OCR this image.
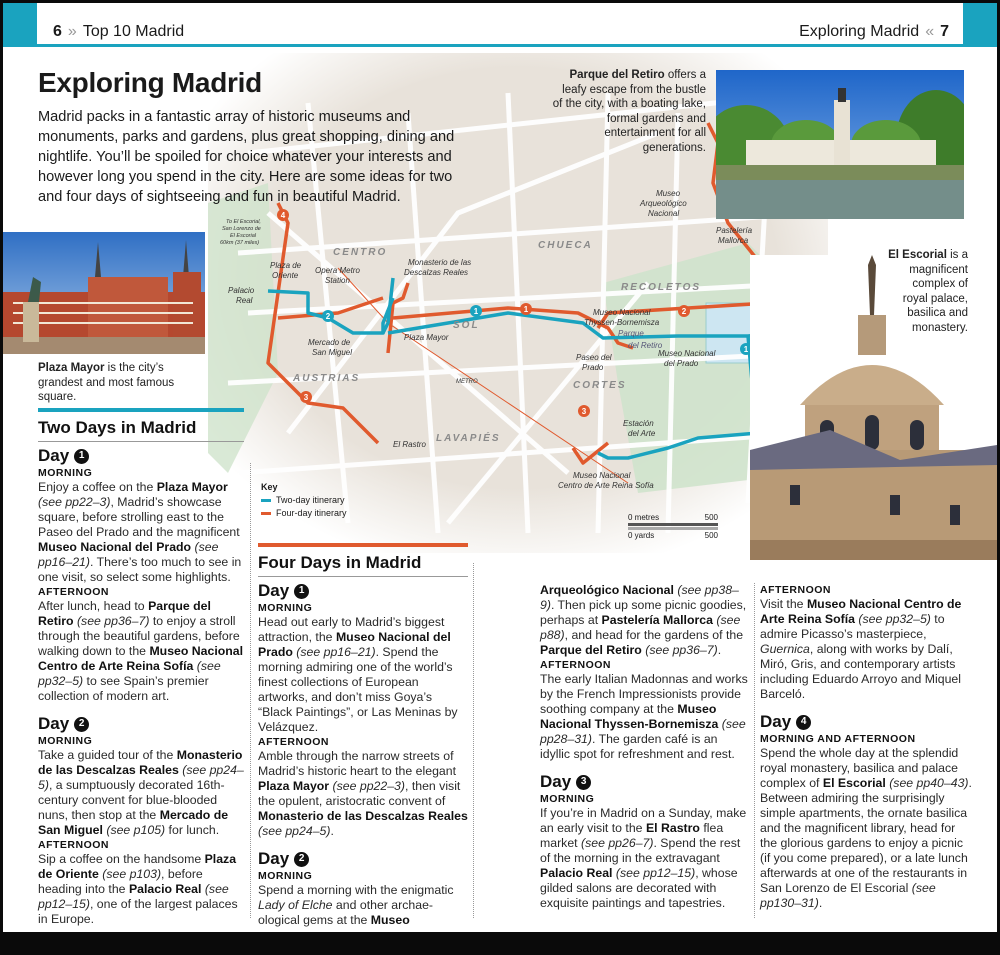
6 » Top 10 Madrid	Exploring Madrid « 7
4
2
1	1	2
1
3
3
CENTRO
AUSTRIAS
LAVAPIÉS
SOL
CHUECA
RECOLETOS
CORTES
Parque
del Retiro
METRO
Palacio
Real
Plaza de
Oriente
Opera Metro
Station
Monasterio de las
Descalzas Reales
Mercado de
San Miguel
Plaza Mayor
El Rastro
Museo
Arqueológico
Nacional
Pastelería
Mallorca
Museo Nacional
Thyssen-Bornemisza
Paseo del
Prado
Museo Nacional
del Prado
Estación
del Arte
Museo Nacional
Centro de Arte Reina Sofía
To El Escorial,
San Lorenzo de
El Escorial
60km (37 miles)
Exploring Madrid
Madrid packs in a fantastic array of historic museums and monuments, parks and gardens, plus great shopping, dining and nightlife. You’ll be spoiled for choice whatever your interests and however long you spend in the city. Here are some ideas for two and four days of sightseeing and fun in beautiful Madrid.
Plaza Mayor is the city’s grandest and most famous square.
Parque del Retiro offers a leafy escape from the bustle of the city, with a boating lake, formal gardens and entertainment for all generations.
El Escorial is a magnificent complex of royal palace, basilica and monastery.
Key
Two-day itinerary
Four-day itinerary	0 metres	500
0 yards	500
Two Days in Madrid
Day 1
MORNING

Enjoy a coffee on the Plaza Mayor (see pp22–3), Madrid’s showcase square, before strolling east to the Paseo del Prado and the magnificent Museo Nacional del Prado (see pp16–21). There’s too much to see in one visit, so select some highlights.

AFTERNOON

After lunch, head to Parque del Retiro (see pp36–7) to enjoy a stroll through the beautiful gardens, before walking down to the Museo Nacional Centro de Arte Reina Sofía (see pp32–5) to see Spain’s premier collection of modern art.

Day 2
MORNING

Take a guided tour of the Monasterio de las Descalzas Reales (see pp24–5), a sumptuously decorated 16th-century convent for blue-blooded nuns, then stop at the Mercado de San Miguel (see p105) for lunch.

AFTERNOON

Sip a coffee on the handsome Plaza de Oriente (see p103), before heading into the Palacio Real (see pp12–15), one of the largest palaces in Europe.

Four Days in Madrid
Day 1
MORNING

Head out early to Madrid’s biggest attraction, the Museo Nacional del Prado (see pp16–21). Spend the morning admiring one of the world’s finest collections of European artworks, and don’t miss Goya’s “Black Paintings”, or Las Meninas by Velázquez.

AFTERNOON

Amble through the narrow streets of Madrid’s historic heart to the elegant Plaza Mayor (see pp22–3), then visit the opulent, aristocratic convent of Monasterio de las Descalzas Reales (see pp24–5).

Day 2
MORNING

Spend a morning with the enigmatic Lady of Elche and other archaeological gems at the Museo

Arqueológico Nacional (see pp38–9). Then pick up some picnic goodies, perhaps at Pastelería Mallorca (see p88), and head for the gardens of the Parque del Retiro (see pp36–7).

AFTERNOON

The early Italian Madonnas and works by the French Impressionists provide soothing company at the Museo Nacional Thyssen-Bornemisza (see pp28–31). The garden café is an idyllic spot for refreshment and rest.

Day 3
MORNING

If you’re in Madrid on a Sunday, make an early visit to the El Rastro flea market (see pp26–7). Spend the rest of the morning in the extravagant Palacio Real (see pp12–15), whose gilded salons are decorated with exquisite paintings and tapestries.

AFTERNOON

Visit the Museo Nacional Centro de Arte Reina Sofía (see pp32–5) to admire Picasso’s masterpiece, Guernica, along with works by Dalí, Miró, Gris, and contemporary artists including Eduardo Arroyo and Miquel Barceló.

Day 4
MORNING AND AFTERNOON

Spend the whole day at the splendid royal monastery, basilica and palace complex of El Escorial (see pp40–43). Between admiring the surprisingly simple apartments, the ornate basilica and the magnificent library, head for the glorious gardens to enjoy a picnic (if you come prepared), or a late lunch afterwards at one of the restaurants in San Lorenzo de El Escorial (see pp130–31).
